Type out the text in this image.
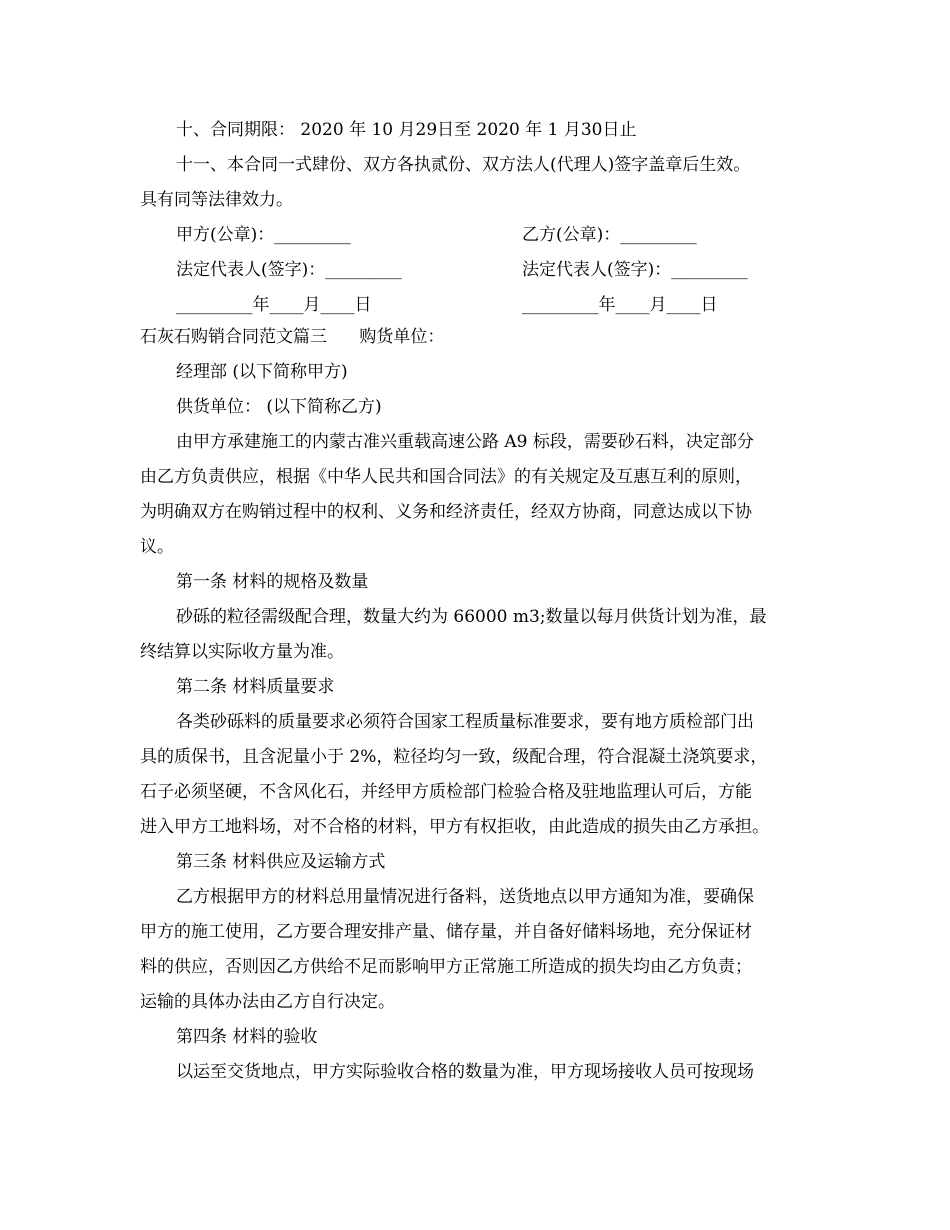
十、合同期限： 2020 年 10 月29日至 2020 年 1 月30日止
十一、本合同一式肆份、双方各执贰份、双方法人(代理人)签字盖章后生效。
具有同等法律效力。
甲方(公章)：_________	乙方(公章)：_________
法定代表人(签字)：_________	法定代表人(签字)：_________
_________年____月____日	_________年____月____日
石灰石购销合同范文篇三      购货单位：
经理部 (以下简称甲方)
供货单位： (以下简称乙方)
由甲方承建施工的内蒙古准兴重载高速公路 A9 标段，需要砂石料，决定部分
由乙方负责供应，根据《中华人民共和国合同法》的有关规定及互惠互利的原则，
为明确双方在购销过程中的权利、义务和经济责任，经双方协商，同意达成以下协
议。
第一条 材料的规格及数量
砂砾的粒径需级配合理，数量大约为 66000 m3;数量以每月供货计划为准，最
终结算以实际收方量为准。
第二条 材料质量要求
各类砂砾料的质量要求必须符合国家工程质量标准要求，要有地方质检部门出
具的质保书，且含泥量小于 2%，粒径均匀一致，级配合理，符合混凝土浇筑要求，
石子必须坚硬，不含风化石，并经甲方质检部门检验合格及驻地监理认可后，方能
进入甲方工地料场，对不合格的材料，甲方有权拒收，由此造成的损失由乙方承担。
第三条 材料供应及运输方式
乙方根据甲方的材料总用量情况进行备料，送货地点以甲方通知为准，要确保
甲方的施工使用，乙方要合理安排产量、储存量，并自备好储料场地，充分保证材
料的供应，否则因乙方供给不足而影响甲方正常施工所造成的损失均由乙方负责；
运输的具体办法由乙方自行决定。
第四条 材料的验收
以运至交货地点，甲方实际验收合格的数量为准，甲方现场接收人员可按现场
